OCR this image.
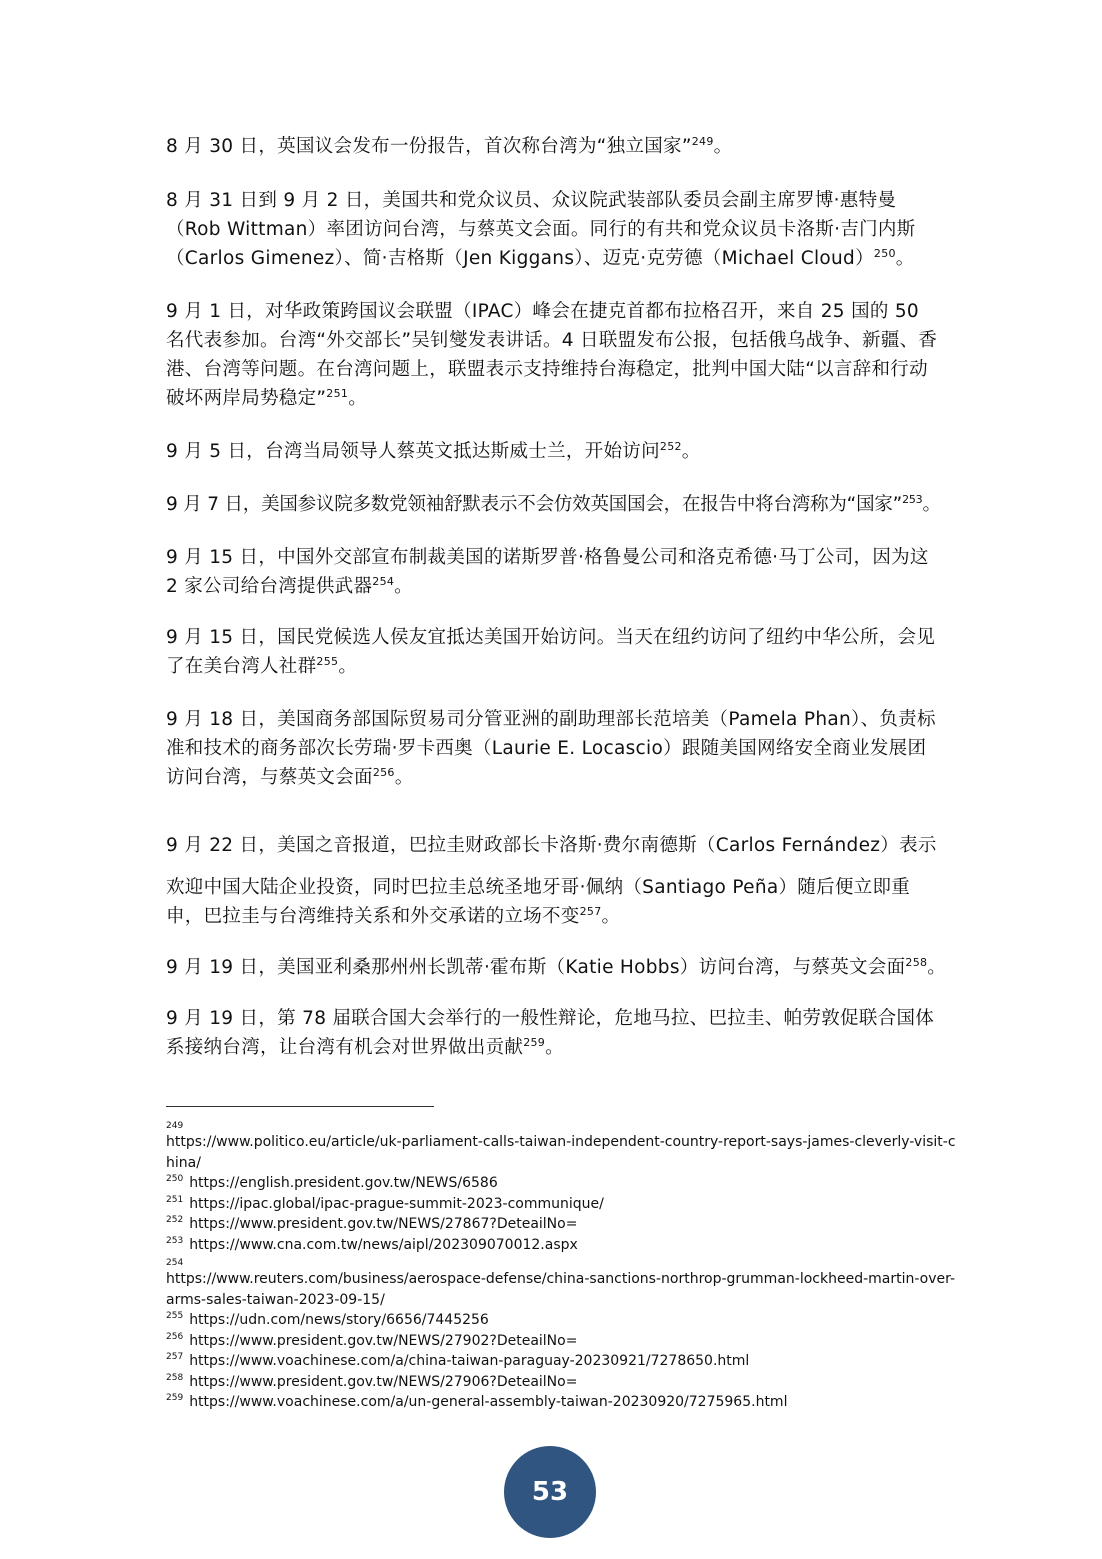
8 月 30 日，英国议会发布一份报告，首次称台湾为“独立国家”$^{249}$。

8 月 31 日到 9 月 2 日，美国共和党众议员、众议院武装部队委员会副主席罗博·惠特曼（Rob Wittman）率团访问台湾，与蔡英文会面。同行的有共和党众议员卡洛斯·吉门内斯（Carlos Gimenez）、简·吉格斯（Jen Kiggans）、迈克·克劳德（Michael Cloud）$^{250}$。

9 月 1 日，对华政策跨国议会联盟（IPAC）峰会在捷克首都布拉格召开，来自 25 国的 50 名代表参加。台湾“外交部长”吴钊燮发表讲话。4 日联盟发布公报，包括俄乌战争、新疆、香港、台湾等问题。在台湾问题上，联盟表示支持维持台海稳定，批判中国大陆“以言辞和行动破坏两岸局势稳定”$^{251}$。

9 月 5 日，台湾当局领导人蔡英文抵达斯威士兰，开始访问$^{252}$。

9 月 7 日，美国参议院多数党领袖舒默表示不会仿效英国国会，在报告中将台湾称为“国家”$^{253}$。

9 月 15 日，中国外交部宣布制裁美国的诺斯罗普·格鲁曼公司和洛克希德·马丁公司，因为这 2 家公司给台湾提供武器$^{254}$。

9 月 15 日，国民党候选人侯友宜抵达美国开始访问。当天在纽约访问了纽约中华公所，会见了在美台湾人社群$^{255}$。

9 月 18 日，美国商务部国际贸易司分管亚洲的副助理部长范培美（Pamela Phan）、负责标准和技术的商务部次长劳瑞·罗卡西奥（Laurie E. Locascio）跟随美国网络安全商业发展团访问台湾，与蔡英文会面$^{256}$。

9 月 22 日，美国之音报道，巴拉圭财政部长卡洛斯·费尔南德斯（Carlos Fernández）表示

欢迎中国大陆企业投资，同时巴拉圭总统圣地牙哥·佩纳（Santiago Peña）随后便立即重申，巴拉圭与台湾维持关系和外交承诺的立场不变$^{257}$。

9 月 19 日，美国亚利桑那州州长凯蒂·霍布斯（Katie Hobbs）访问台湾，与蔡英文会面$^{258}$。

9 月 19 日，第 78 届联合国大会举行的一般性辩论，危地马拉、巴拉圭、帕劳敦促联合国体系接纳台湾，让台湾有机会对世界做出贡献$^{259}$。

249
https://www.politico.eu/article/uk-parliament-calls-taiwan-independent-country-report-says-james-cleverly-visit-china/

$^{250}$ https://english.president.gov.tw/NEWS/6586

$^{251}$ https://ipac.global/ipac-prague-summit-2023-communique/

$^{252}$ https://www.president.gov.tw/NEWS/27867?DeteailNo=

$^{253}$ https://www.cna.com.tw/news/aipl/202309070012.aspx

254
https://www.reuters.com/business/aerospace-defense/china-sanctions-northrop-grumman-lockheed-martin-over-arms-sales-taiwan-2023-09-15/

$^{255}$ https://udn.com/news/story/6656/7445256

$^{256}$ https://www.president.gov.tw/NEWS/27902?DeteailNo=

$^{257}$ https://www.voachinese.com/a/china-taiwan-paraguay-20230921/7278650.html

$^{258}$ https://www.president.gov.tw/NEWS/27906?DeteailNo=

$^{259}$ https://www.voachinese.com/a/un-general-assembly-taiwan-20230920/7275965.html

53
